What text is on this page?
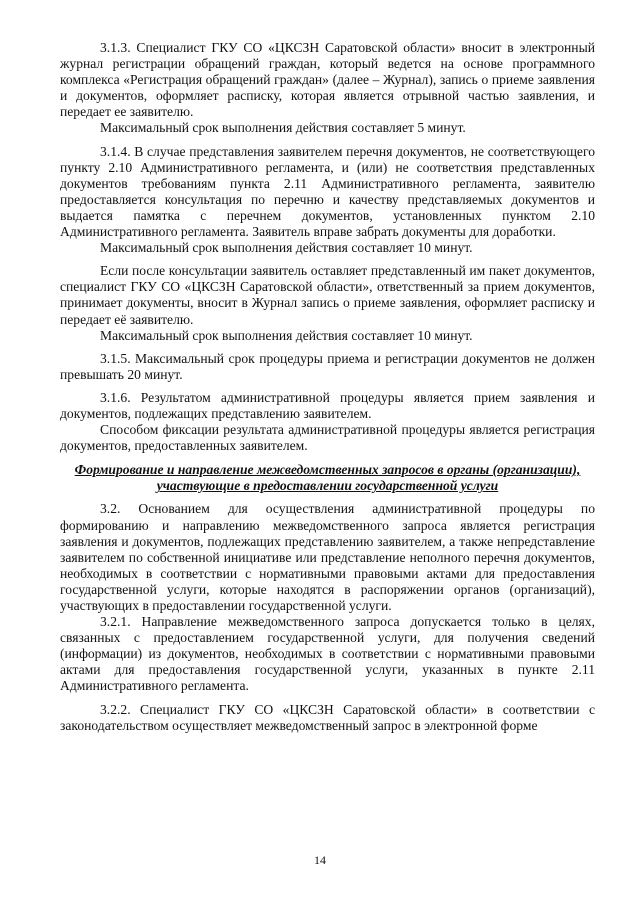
3.1.3. Специалист ГКУ СО «ЦКСЗН Саратовской области» вносит в электронный журнал регистрации обращений граждан, который ведется на основе программного комплекса «Регистрация обращений граждан» (далее – Журнал), запись о приеме заявления и документов, оформляет расписку, которая является отрывной частью заявления, и передает ее заявителю.

Максимальный срок выполнения действия составляет 5 минут.

3.1.4. В случае представления заявителем перечня документов, не соответствующего пункту 2.10 Административного регламента, и (или) не соответствия представленных документов требованиям пункта 2.11 Административного регламента, заявителю предоставляется консультация по перечню и качеству представляемых документов и выдается памятка с перечнем документов, установленных пунктом 2.10 Административного регламента. Заявитель вправе забрать документы для доработки.

Максимальный срок выполнения действия составляет 10 минут.

Если после консультации заявитель оставляет представленный им пакет документов, специалист ГКУ СО «ЦКСЗН Саратовской области», ответственный за прием документов, принимает документы, вносит в Журнал запись о приеме заявления, оформляет расписку и передает её заявителю.

Максимальный срок выполнения действия составляет 10 минут.

3.1.5. Максимальный срок процедуры приема и регистрации документов не должен превышать 20 минут.

3.1.6. Результатом административной процедуры является прием заявления и документов, подлежащих представлению заявителем.

Способом фиксации результата административной процедуры является регистрация документов, предоставленных заявителем.

Формирование и направление межведомственных запросов в органы (организации), участвующие в предоставлении государственной услуги

3.2. Основанием для осуществления административной процедуры по формированию и направлению межведомственного запроса является регистрация заявления и документов, подлежащих представлению заявителем, а также непредставление заявителем по собственной инициативе или представление неполного перечня документов, необходимых в соответствии с нормативными правовыми актами для предоставления государственной услуги, которые находятся в распоряжении органов (организаций), участвующих в предоставлении государственной услуги.

3.2.1. Направление межведомственного запроса допускается только в целях, связанных с предоставлением государственной услуги, для получения сведений (информации) из документов, необходимых в соответствии с нормативными правовыми актами для предоставления государственной услуги, указанных в пункте 2.11 Административного регламента.

3.2.2. Специалист ГКУ СО «ЦКСЗН Саратовской области» в соответствии с законодательством осуществляет межведомственный запрос в электронной форме

14
